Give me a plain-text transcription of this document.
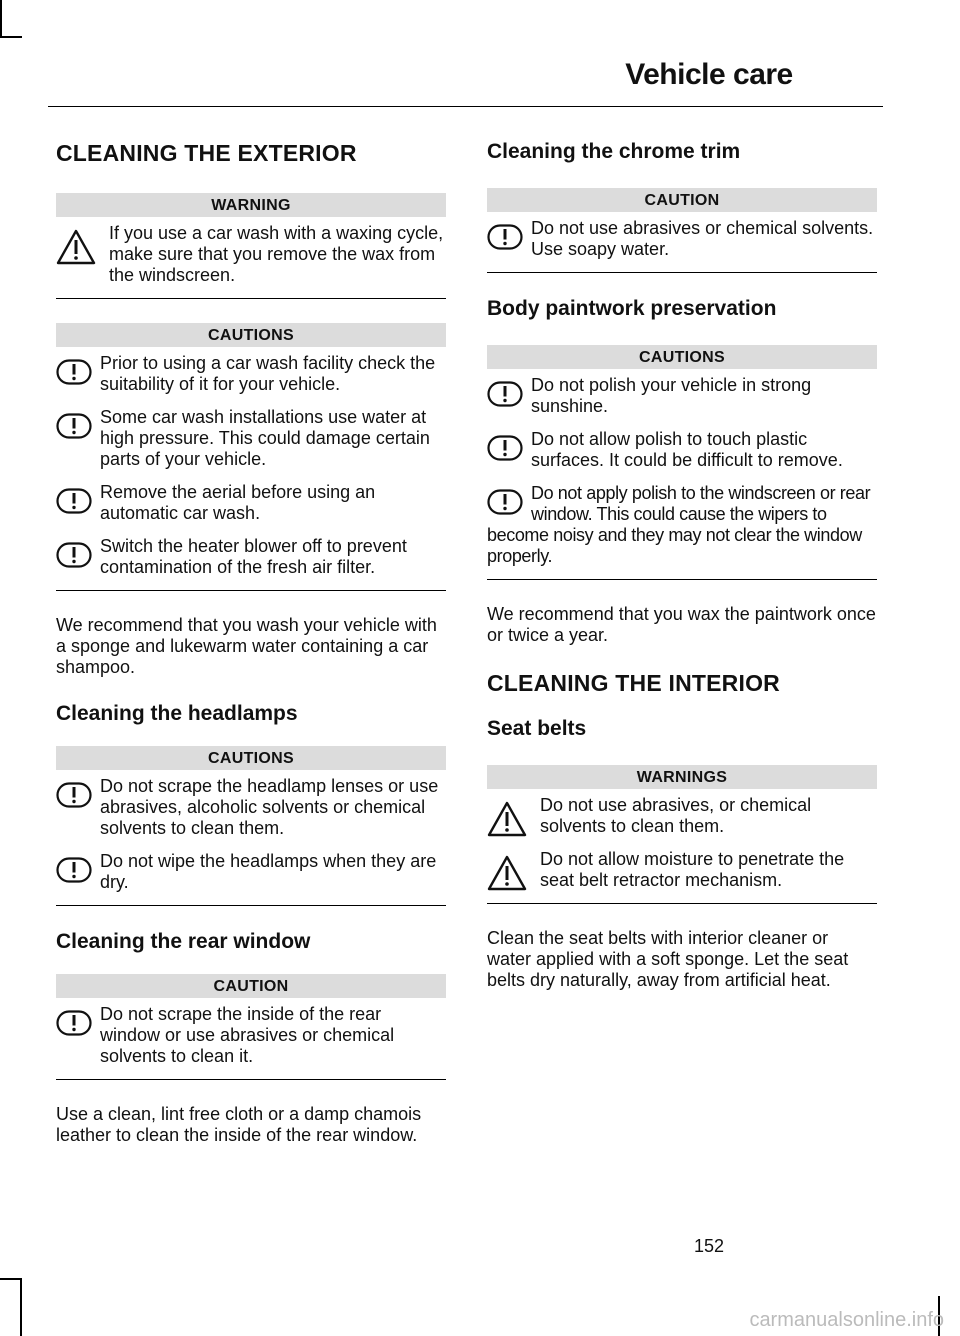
Vehicle care
CLEANING THE EXTERIOR
WARNING
If you use a car wash with a waxing cycle, make sure that you remove the wax from the windscreen.
CAUTIONS
Prior to using a car wash facility check the suitability of it for your vehicle.
Some car wash installations use water at high pressure. This could damage certain parts of your vehicle.
Remove the aerial before using an automatic car wash.
Switch the heater blower off to prevent contamination of the fresh air filter.

We recommend that you wash your vehicle with a sponge and lukewarm water containing a car shampoo.

Cleaning the headlamps
CAUTIONS
Do not scrape the headlamp lenses or use abrasives, alcoholic solvents or chemical solvents to clean them.
Do not wipe the headlamps when they are dry.
Cleaning the rear window
CAUTION
Do not scrape the inside of the rear window or use abrasives or chemical solvents to clean it.

Use a clean, lint free cloth or a damp chamois leather to clean the inside of the rear window.

Cleaning the chrome trim
CAUTION
Do not use abrasives or chemical solvents. Use soapy water.
Body paintwork preservation
CAUTIONS
Do not polish your vehicle in strong sunshine.
Do not allow polish to touch plastic surfaces. It could be difficult to remove.
Do not apply polish to the windscreen or rear window. This could cause the wipers to become noisy and they may not clear the window properly.

We recommend that you wax the paintwork once or twice a year.

CLEANING THE INTERIOR
Seat belts
WARNINGS
Do not use abrasives, or chemical solvents to clean them.
Do not allow moisture to penetrate the seat belt retractor mechanism.

Clean the seat belts with interior cleaner or water applied with a soft sponge. Let the seat belts dry naturally, away from artificial heat.

152
carmanualsonline.info
